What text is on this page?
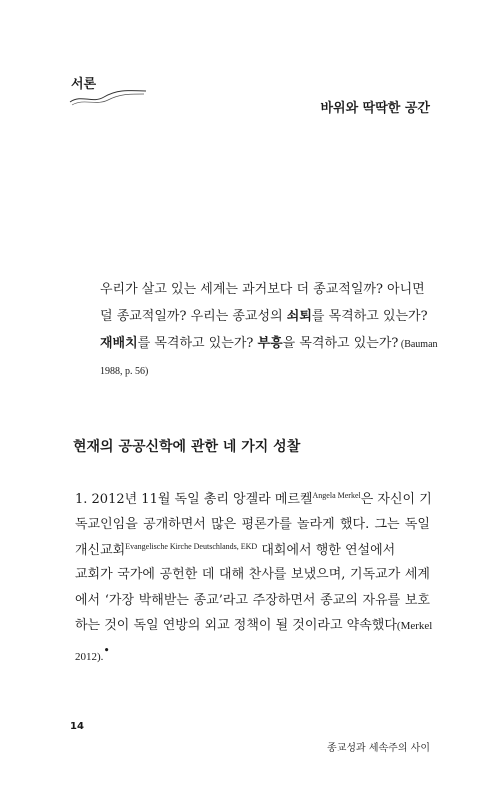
서론
바위와 딱딱한 공간
우리가 살고 있는 세계는 과거보다 더 종교적일까? 아니면
덜 종교적일까? 우리는 종교성의 쇠퇴를 목격하고 있는가?
재배치를 목격하고 있는가? 부흥을 목격하고 있는가? (Bauman
1988, p. 56)
현재의 공공신학에 관한 네 가지 성찰
1. 2012년 11월 독일 총리 앙겔라 메르켈$^{Angela Merkel}$은 자신이 기
독교인임을 공개하면서 많은 평론가를 놀라게 했다. 그는 독일
개신교회$^{Evangelische Kirche Deutschlands, EKD}$ 대회에서 행한 연설에서
교회가 국가에 공헌한 데 대해 찬사를 보냈으며, 기독교가 세계
에서 ‘가장 박해받는 종교’라고 주장하면서 종교의 자유를 보호
하는 것이 독일 연방의 외교 정책이 될 것이라고 약속했다(Merkel
2012).•
14
종교성과 세속주의 사이
